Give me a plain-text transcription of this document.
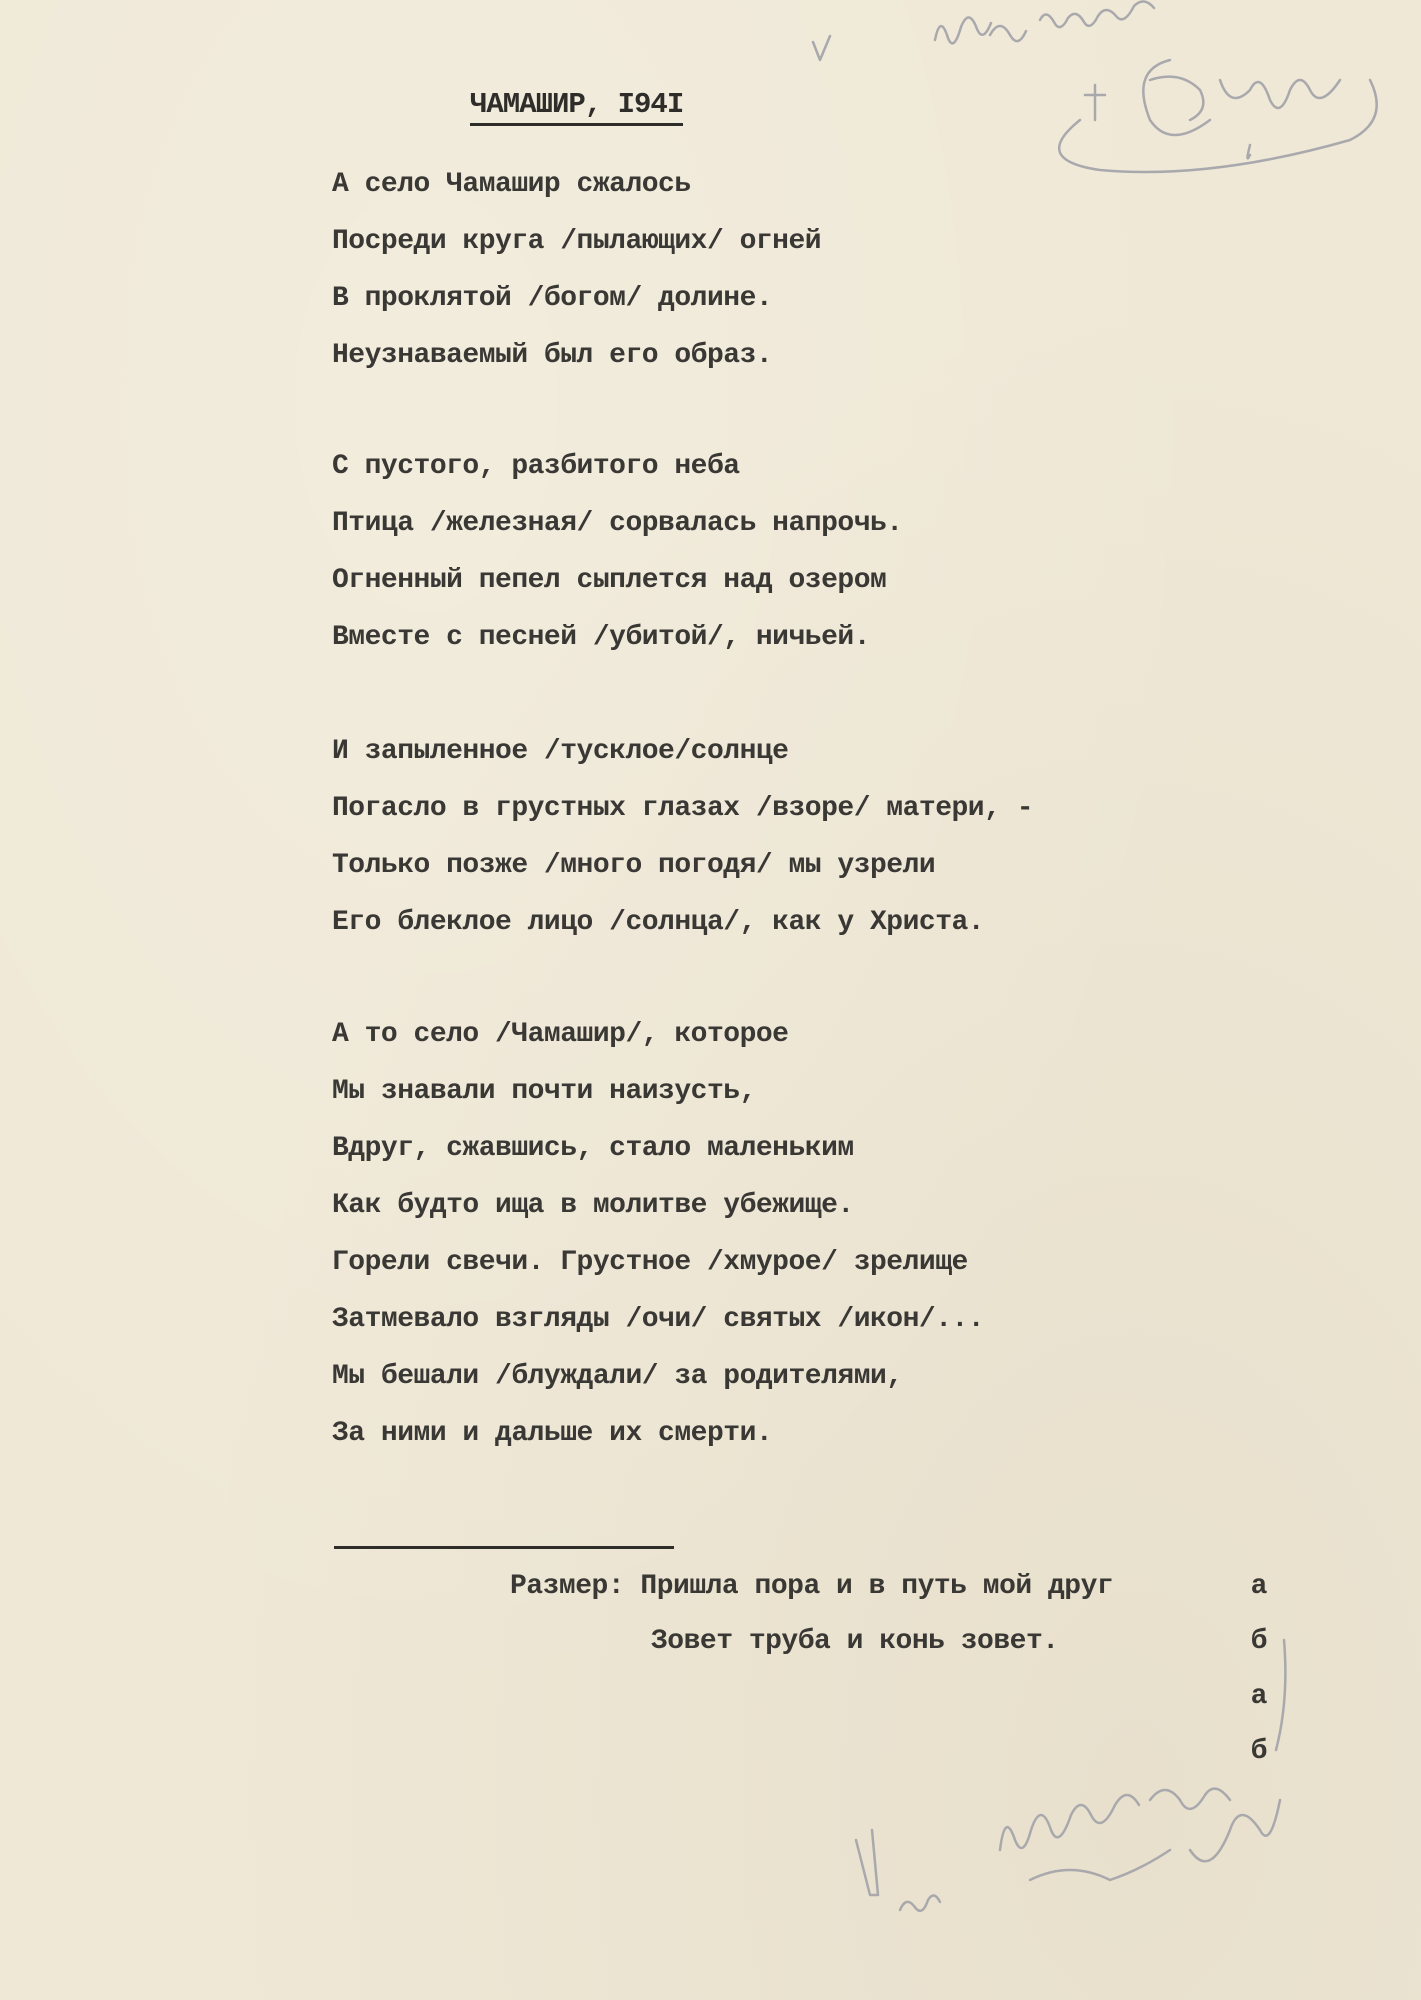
ЧАМАШИР, I94I
А село Чамашир сжалось
Посреди круга /пылающих/ огней
В проклятой /богом/ долине.
Неузнаваемый был его образ.
С пустого, разбитого неба
Птица /железная/ сорвалась напрочь.
Огненный пепел сыплется над озером
Вместе с песней /убитой/, ничьей.
И запыленное /тусклое/солнце
Погасло в грустных глазах /взоре/ матери, -
Только позже /много погодя/ мы узрели
Его блеклое лицо /солнца/, как у Христа.
А то село /Чамашир/, которое
Мы знавали почти наизусть,
Вдруг, сжавшись, стало маленьким
Как будто ища в молитве убежище.
Горели свечи. Грустное /хмурое/ зрелище
Затмевало взгляды /очи/ святых /икон/...
Мы бешали /блуждали/ за родителями,
За ними и дальше их смерти.
Размер: Пришла пора и в путь мой друг
Зовет труба и конь зовет.
а
б
а
б
